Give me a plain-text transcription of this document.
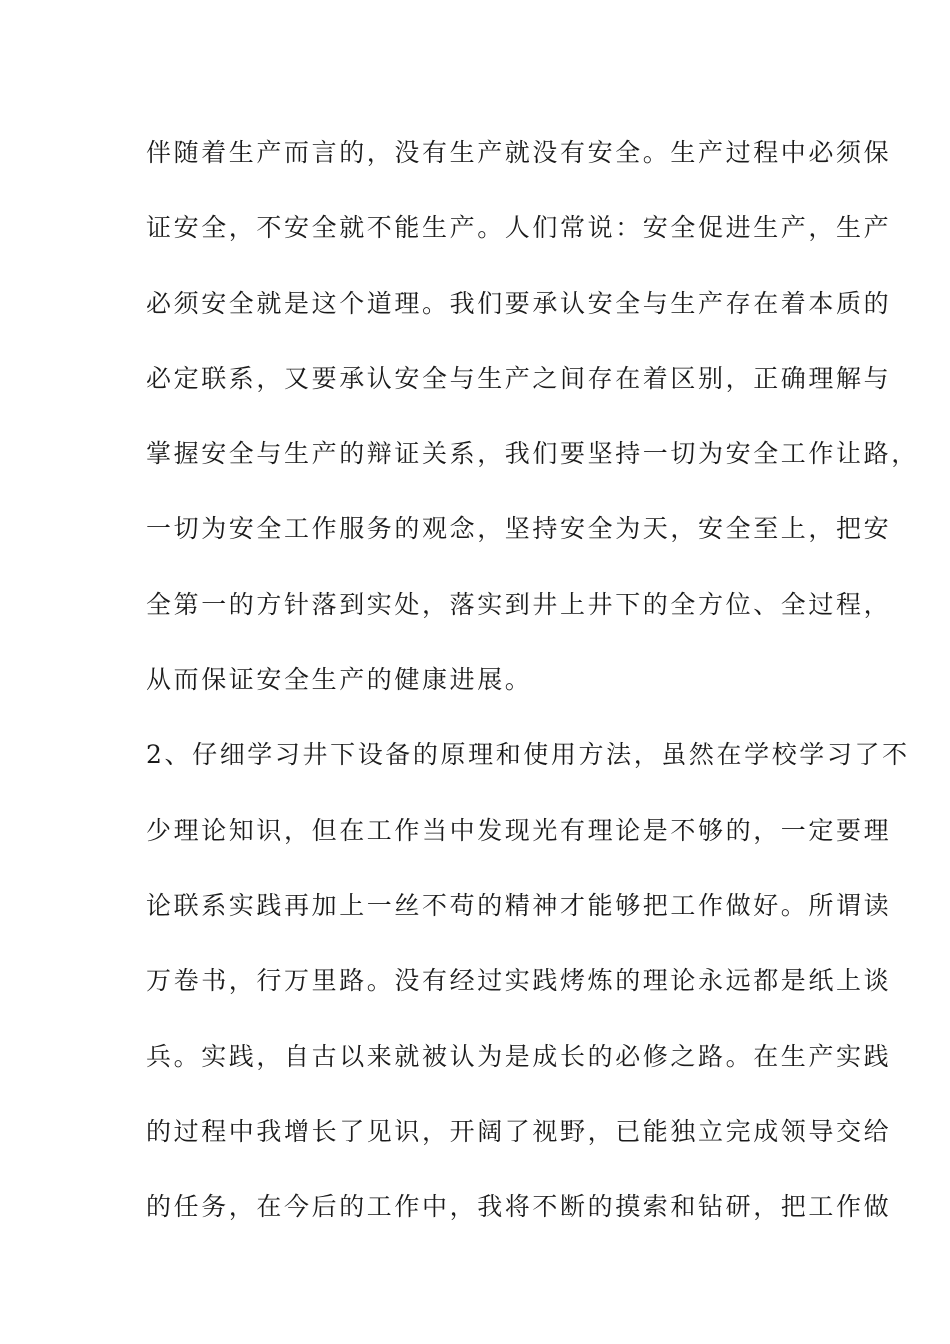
伴随着生产而言的，没有生产就没有安全。生产过程中必须保
证安全，不安全就不能生产。人们常说：安全促进生产，生产
必须安全就是这个道理。我们要承认安全与生产存在着本质的
必定联系，又要承认安全与生产之间存在着区别，正确理解与
掌握安全与生产的辩证关系，我们要坚持一切为安全工作让路，
一切为安全工作服务的观念，坚持安全为天，安全至上，把安
全第一的方针落到实处，落实到井上井下的全方位、全过程，
从而保证安全生产的健康进展。
2、仔细学习井下设备的原理和使用方法，虽然在学校学习了不
少理论知识，但在工作当中发现光有理论是不够的，一定要理
论联系实践再加上一丝不苟的精神才能够把工作做好。所谓读
万卷书，行万里路。没有经过实践烤炼的理论永远都是纸上谈
兵。实践，自古以来就被认为是成长的必修之路。在生产实践
的过程中我增长了见识，开阔了视野，已能独立完成领导交给
的任务，在今后的工作中，我将不断的摸索和钻研，把工作做
